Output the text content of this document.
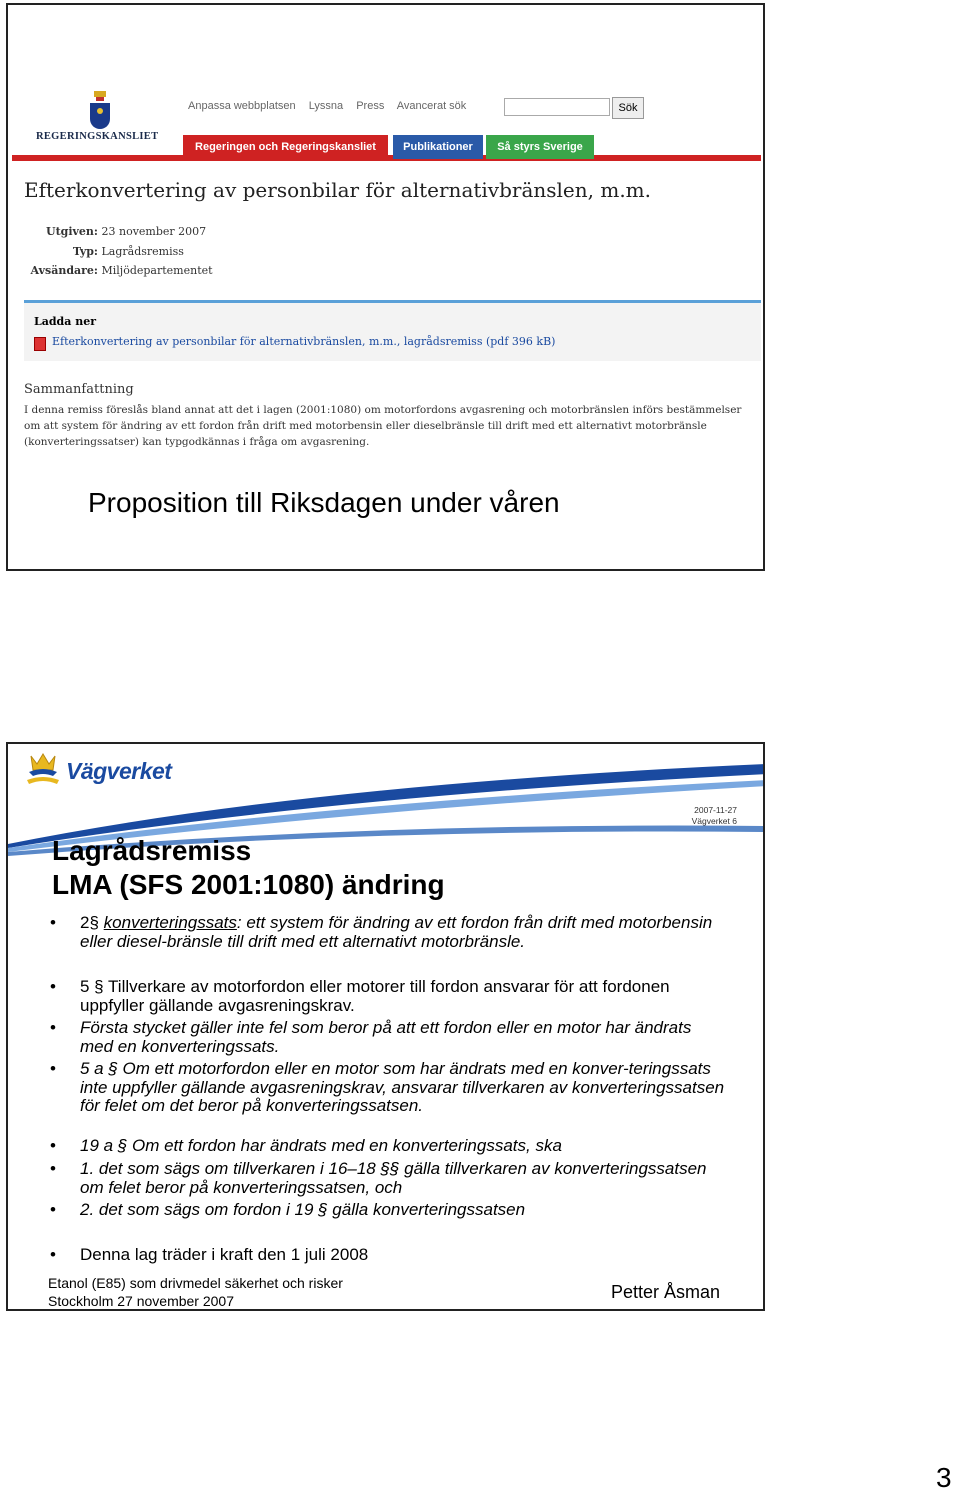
REGERINGSKANSLIET
Anpassa webbplatsen Lyssna Press Avancerat sök	Sök
Regeringen och Regeringskansliet	Publikationer	Så styrs Sverige
Efterkonvertering av personbilar för alternativbränslen, m.m.
Utgiven: 23 november 2007
Typ: Lagrådsremiss
Avsändare: Miljödepartementet
Ladda ner
Efterkonvertering av personbilar för alternativbränslen, m.m., lagrådsremiss (pdf 396 kB)
Sammanfattning
I denna remiss föreslås bland annat att det i lagen (2001:1080) om motorfordons avgasrening och motorbränslen införs bestämmelser om att system för ändring av ett fordon från drift med motorbensin eller dieselbränsle till drift med ett alternativt motorbränsle (konverteringssatser) kan typgodkännas i fråga om avgasrening.
Proposition till Riksdagen under våren
Vägverket
2007-11-27
Vägverket 6
Lagrådsremiss
LMA (SFS 2001:1080) ändring
• 2§ konverteringssats: ett system för ändring av ett fordon från drift med motorbensin eller diesel-bränsle till drift med ett alternativt motorbränsle.
• 5 § Tillverkare av motorfordon eller motorer till fordon ansvarar för att fordonen uppfyller gällande avgasreningskrav.
• Första stycket gäller inte fel som beror på att ett fordon eller en motor har ändrats med en konverteringssats.
• 5 a § Om ett motorfordon eller en motor som har ändrats med en konver-teringssats inte uppfyller gällande avgasreningskrav, ansvarar tillverkaren av konverteringssatsen för felet om det beror på konverteringssatsen.
• 19 a § Om ett fordon har ändrats med en konverteringssats, ska
• 1. det som sägs om tillverkaren i 16–18 §§ gälla tillverkaren av konverteringssatsen om felet beror på konverteringssatsen, och
• 2. det som sägs om fordon i 19 § gälla konverteringssatsen
• Denna lag träder i kraft den 1 juli 2008
Etanol (E85) som drivmedel säkerhet och risker
Stockholm 27 november 2007	Petter Åsman
3
